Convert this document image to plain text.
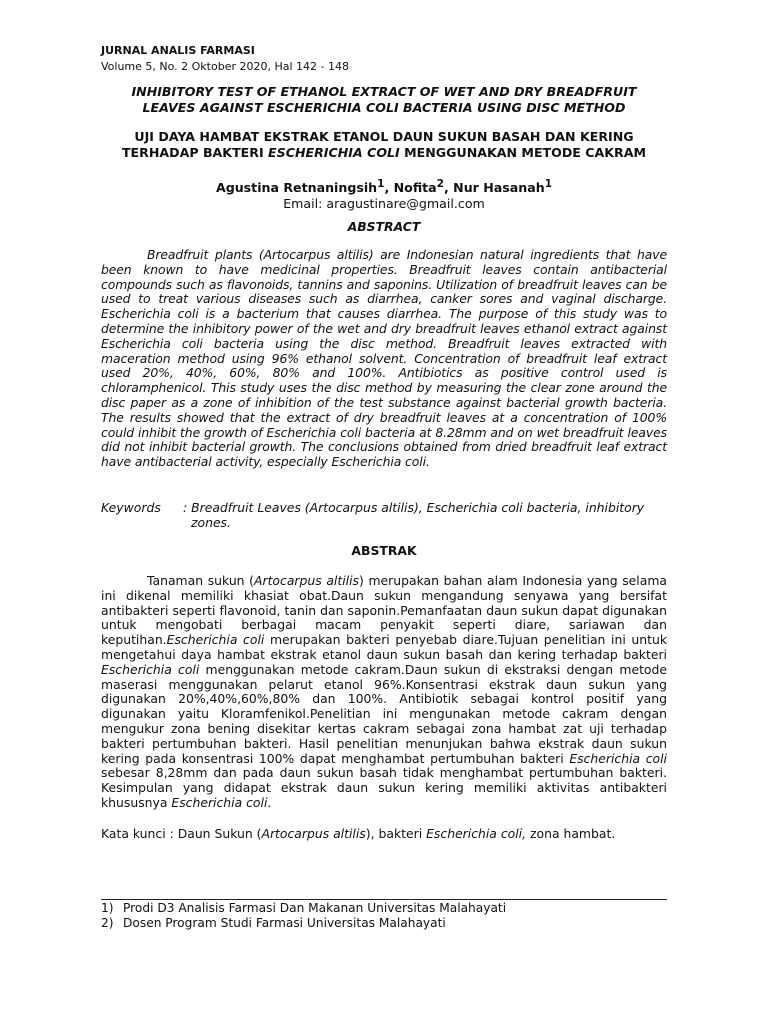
JURNAL ANALIS FARMASI
Volume 5, No. 2 Oktober 2020, Hal 142 - 148
INHIBITORY TEST OF ETHANOL EXTRACT OF WET AND DRY BREADFRUIT
LEAVES AGAINST ESCHERICHIA COLI BACTERIA USING DISC METHOD
UJI DAYA HAMBAT EKSTRAK ETANOL DAUN SUKUN BASAH DAN KERING
TERHADAP BAKTERI ESCHERICHIA COLI MENGGUNAKAN METODE CAKRAM
Agustina Retnaningsih$^1$, Nofita$^2$, Nur Hasanah$^1$
Email: aragustinare@gmail.com
ABSTRACT
Breadfruit plants (Artocarpus altilis) are Indonesian natural ingredients that have been known to have medicinal properties. Breadfruit leaves contain antibacterial compounds such as flavonoids, tannins and saponins. Utilization of breadfruit leaves can be used to treat various diseases such as diarrhea, canker sores and vaginal discharge. Escherichia coli is a bacterium that causes diarrhea. The purpose of this study was to determine the inhibitory power of the wet and dry breadfruit leaves ethanol extract against Escherichia coli bacteria using the disc method. Breadfruit leaves extracted with maceration method using 96% ethanol solvent. Concentration of breadfruit leaf extract used 20%, 40%, 60%, 80% and 100%. Antibiotics as positive control used is chloramphenicol. This study uses the disc method by measuring the clear zone around the disc paper as a zone of inhibition of the test substance against bacterial growth bacteria. The results showed that the extract of dry breadfruit leaves at a concentration of 100% could inhibit the growth of Escherichia coli bacteria at 8.28mm and on wet breadfruit leaves did not inhibit bacterial growth. The conclusions obtained from dried breadfruit leaf extract have antibacterial activity, especially Escherichia coli.
Keywords	: Breadfruit Leaves (Artocarpus altilis), Escherichia coli bacteria, inhibitory zones.
ABSTRAK
Tanaman sukun (Artocarpus altilis) merupakan bahan alam Indonesia yang selama ini dikenal memiliki khasiat obat.Daun sukun mengandung senyawa yang bersifat antibakteri seperti flavonoid, tanin dan saponin.Pemanfaatan daun sukun dapat digunakan untuk mengobati berbagai macam penyakit seperti diare, sariawan dan keputihan.Escherichia coli merupakan bakteri penyebab diare.Tujuan penelitian ini untuk mengetahui daya hambat ekstrak etanol daun sukun basah dan kering terhadap bakteri Escherichia coli menggunakan metode cakram.Daun sukun di ekstraksi dengan metode maserasi menggunakan pelarut etanol 96%.Konsentrasi ekstrak daun sukun yang digunakan 20%,40%,60%,80% dan 100%. Antibiotik sebagai kontrol positif yang digunakan yaitu Kloramfenikol.Penelitian ini mengunakan metode cakram dengan mengukur zona bening disekitar kertas cakram sebagai zona hambat zat uji terhadap bakteri pertumbuhan bakteri. Hasil penelitian menunjukan bahwa ekstrak daun sukun kering pada konsentrasi 100% dapat menghambat pertumbuhan bakteri Escherichia coli sebesar 8,28mm dan pada daun sukun basah tidak menghambat pertumbuhan bakteri. Kesimpulan yang didapat ekstrak daun sukun kering memiliki aktivitas antibakteri khususnya Escherichia coli.
Kata kunci : Daun Sukun (Artocarpus altilis), bakteri Escherichia coli, zona hambat.
1) Prodi D3 Analisis Farmasi Dan Makanan Universitas Malahayati
2) Dosen Program Studi Farmasi Universitas Malahayati
